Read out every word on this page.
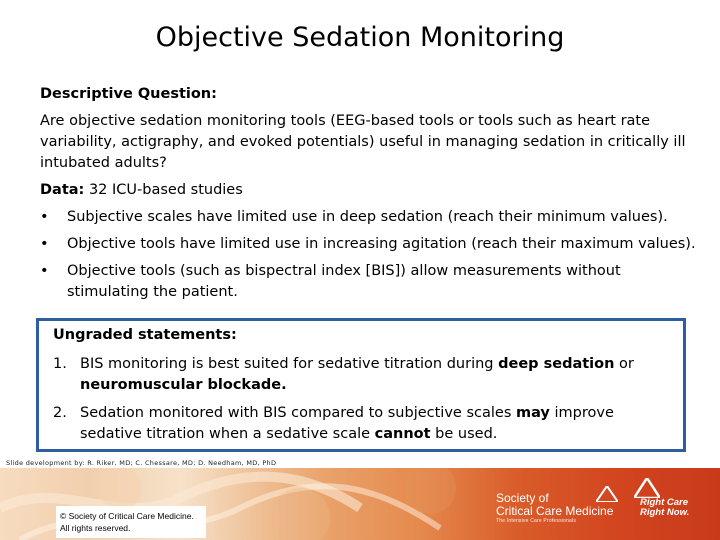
Objective Sedation Monitoring

Descriptive Question:

Are objective sedation monitoring tools (EEG-based tools or tools such as heart rate variability, actigraphy, and evoked potentials) useful in managing sedation in critically ill intubated adults?

Data: 32 ICU-based studies

• Subjective scales have limited use in deep sedation (reach their minimum values).
• Objective tools have limited use in increasing agitation (reach their maximum values).
• Objective tools (such as bispectral index [BIS]) allow measurements without stimulating the patient.

Ungraded statements:

1. BIS monitoring is best suited for sedative titration during deep sedation or neuromuscular blockade.
2. Sedation monitored with BIS compared to subjective scales may improve sedative titration when a sedative scale cannot be used.
Slide development by: R. Riker, MD; C. Chessare, MD; D. Needham, MD, PhD
© Society of Critical Care Medicine.
All rights reserved.
Society of
Critical Care Medicine
The Intensive Care Professionals
Right Care
Right Now.
